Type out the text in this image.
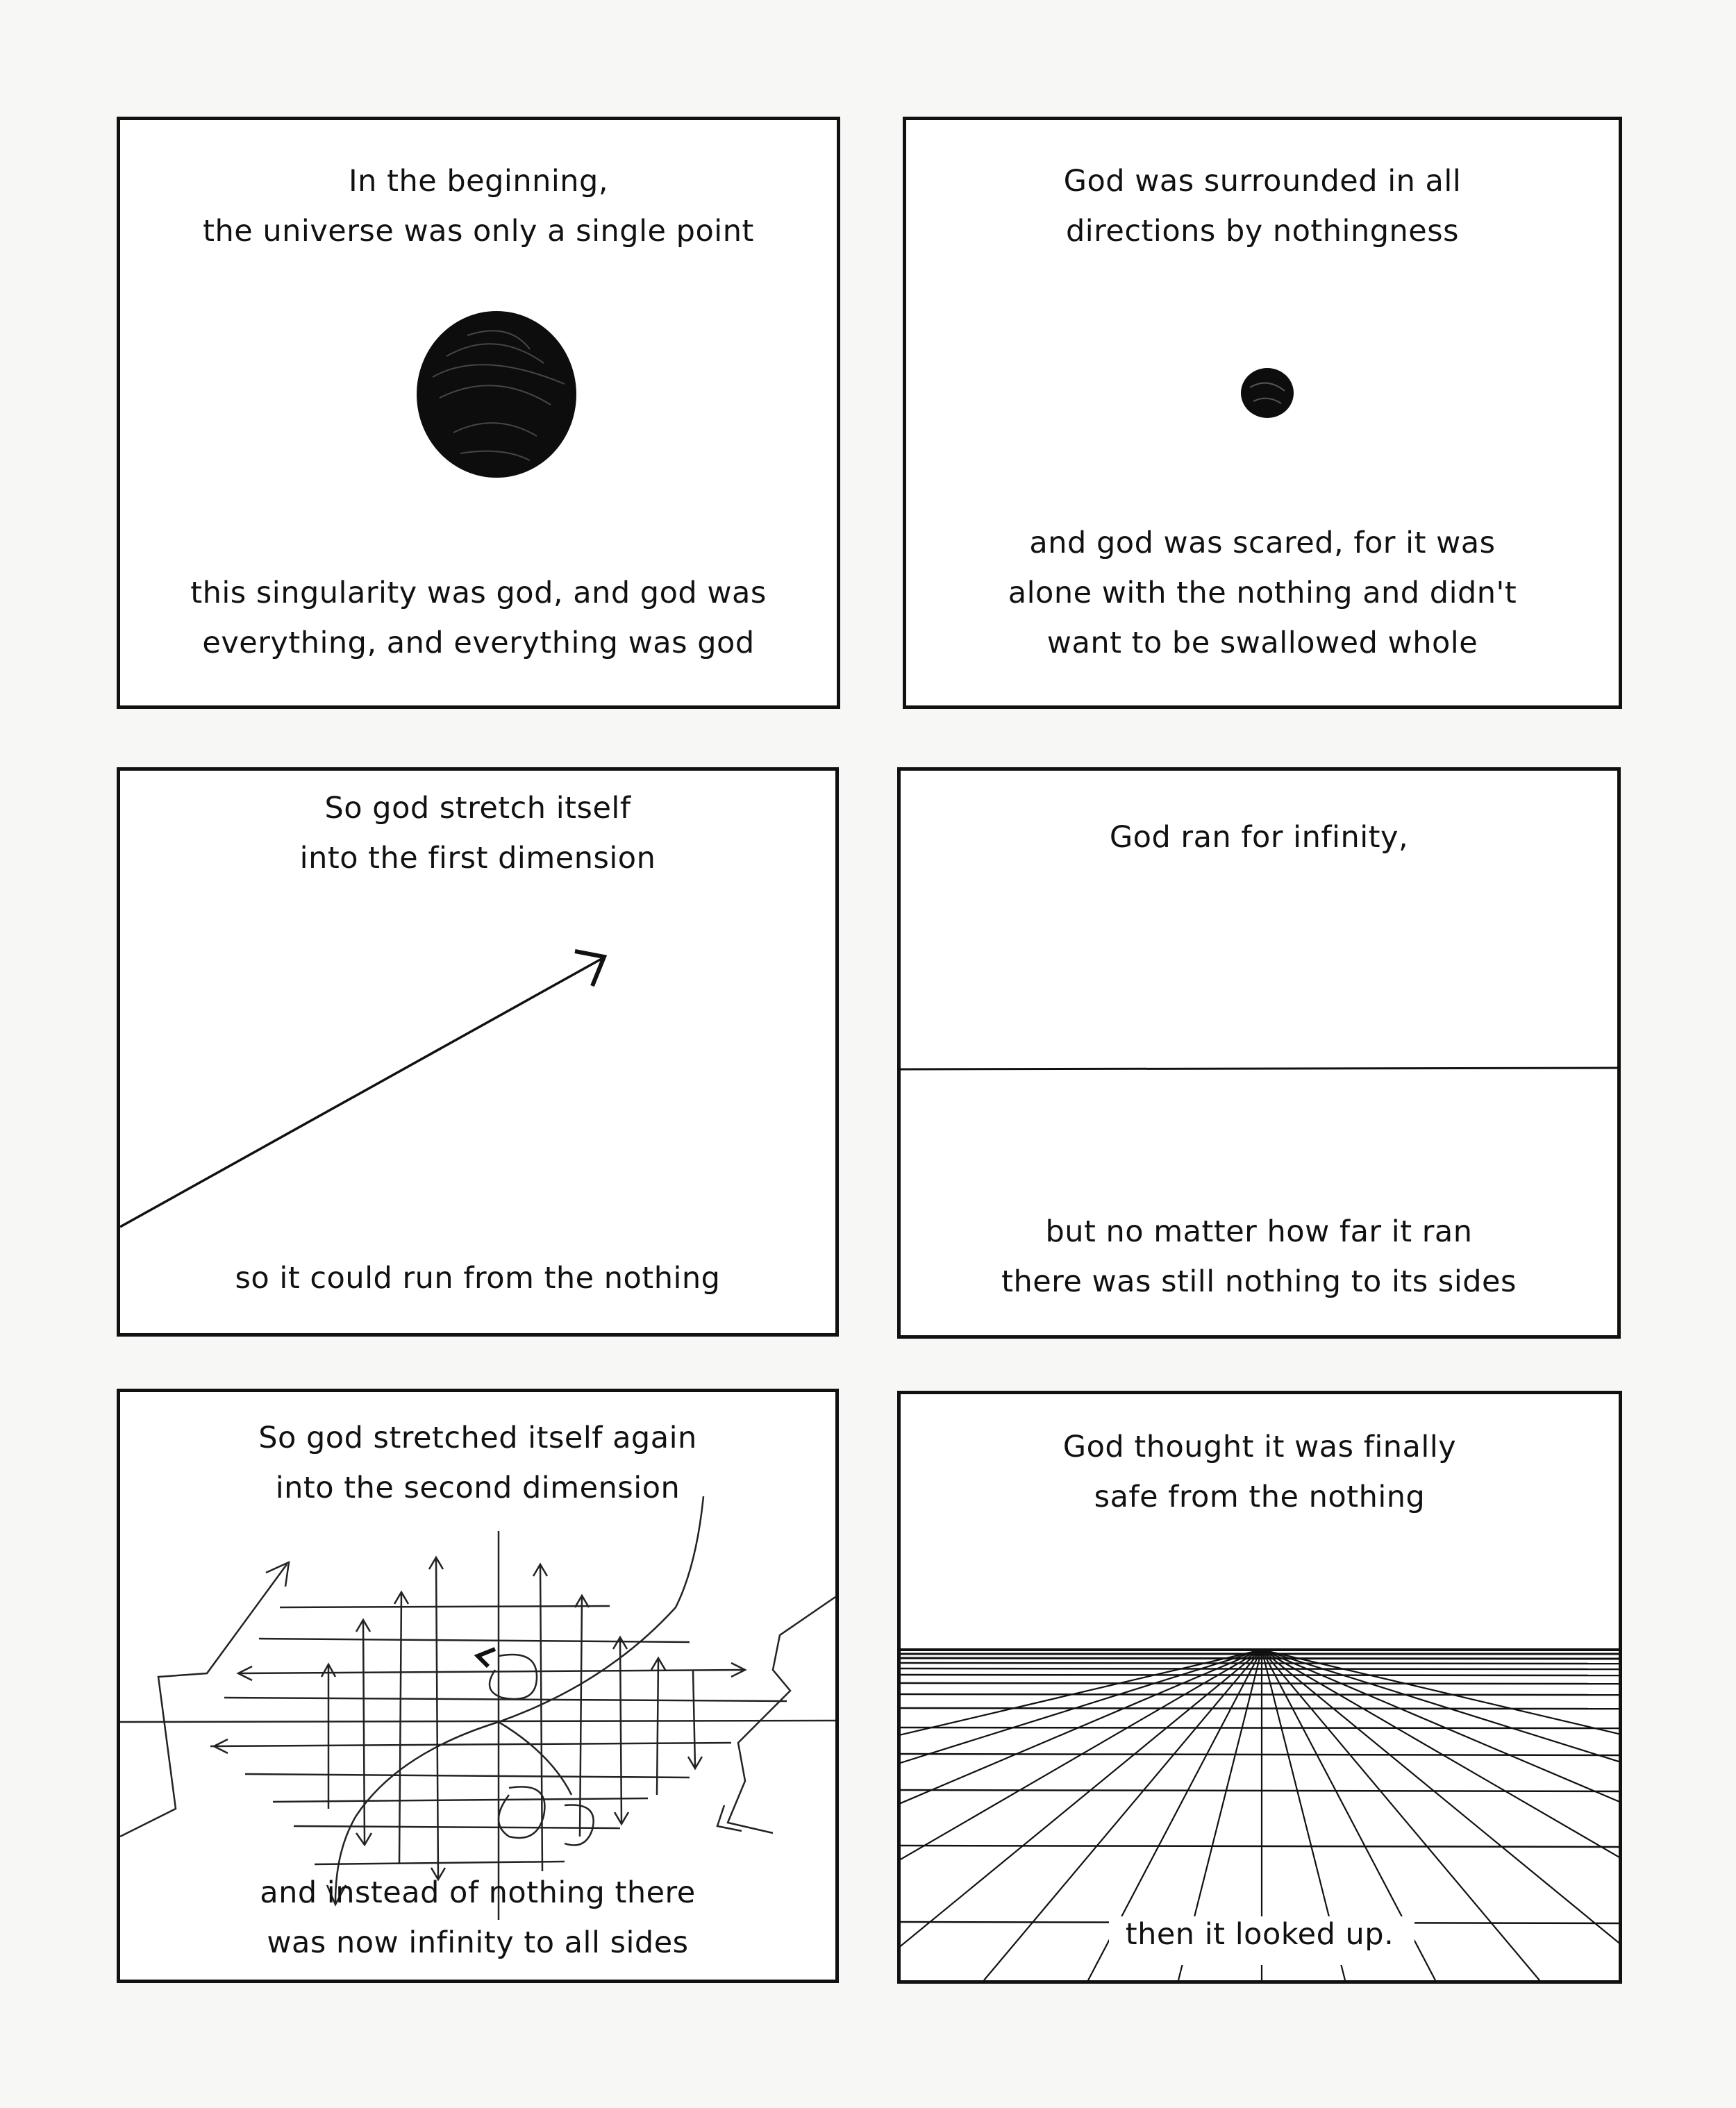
In the beginning,
the universe was only a single point
this singularity was god, and god was
everything, and everything was god
God was surrounded in all
directions by nothingness
and god was scared, for it was
alone with the nothing and didn't
want to be swallowed whole
So god stretch itself
into the first dimension
so it could run from the nothing
God ran for infinity,
but no matter how far it ran
there was still nothing to its sides
So god stretched itself again
into the second dimension
and instead of nothing there
was now infinity to all sides
God thought it was finally
safe from the nothing
then it looked up.
